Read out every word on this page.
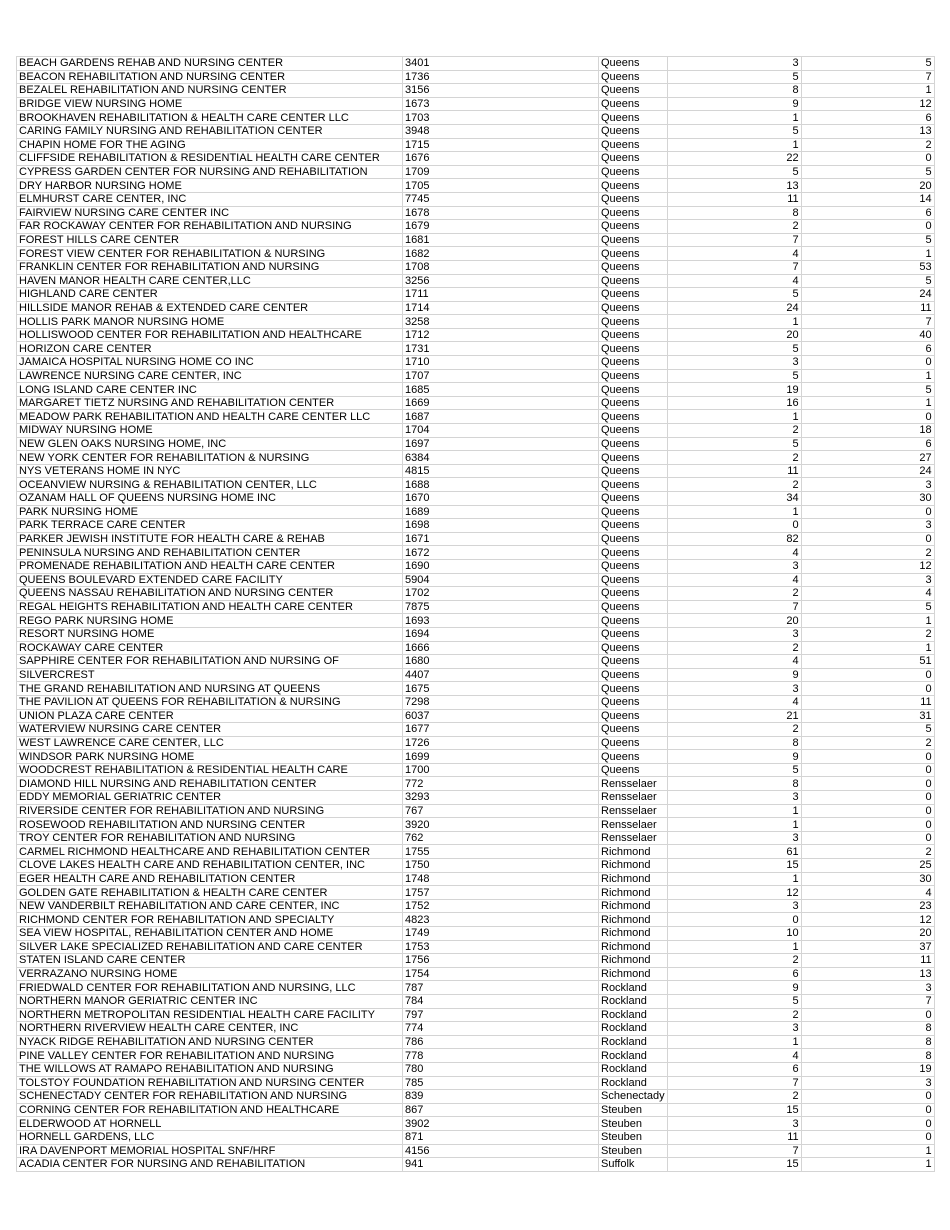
BEACH GARDENS REHAB AND NURSING CENTER	3401	Queens	3	5
BEACON REHABILITATION AND NURSING CENTER	1736	Queens	5	7
BEZALEL REHABILITATION AND NURSING CENTER	3156	Queens	8	1
BRIDGE VIEW NURSING HOME	1673	Queens	9	12
BROOKHAVEN REHABILITATION & HEALTH CARE CENTER LLC	1703	Queens	1	6
CARING FAMILY NURSING AND REHABILITATION CENTER	3948	Queens	5	13
CHAPIN HOME FOR THE AGING	1715	Queens	1	2
CLIFFSIDE REHABILITATION & RESIDENTIAL HEALTH CARE CENTER	1676	Queens	22	0
CYPRESS GARDEN CENTER FOR NURSING AND REHABILITATION	1709	Queens	5	5
DRY HARBOR NURSING HOME	1705	Queens	13	20
ELMHURST CARE CENTER, INC	7745	Queens	11	14
FAIRVIEW NURSING CARE CENTER INC	1678	Queens	8	6
FAR ROCKAWAY CENTER FOR REHABILITATION AND NURSING	1679	Queens	2	0
FOREST HILLS CARE CENTER	1681	Queens	7	5
FOREST VIEW CENTER FOR REHABILITATION & NURSING	1682	Queens	4	1
FRANKLIN CENTER FOR REHABILITATION AND NURSING	1708	Queens	7	53
HAVEN MANOR HEALTH CARE CENTER,LLC	3256	Queens	4	5
HIGHLAND CARE CENTER	1711	Queens	5	24
HILLSIDE MANOR REHAB & EXTENDED CARE CENTER	1714	Queens	24	11
HOLLIS PARK MANOR NURSING HOME	3258	Queens	1	7
HOLLISWOOD CENTER FOR REHABILITATION AND HEALTHCARE	1712	Queens	20	40
HORIZON CARE CENTER	1731	Queens	5	6
JAMAICA HOSPITAL NURSING HOME CO INC	1710	Queens	3	0
LAWRENCE NURSING CARE CENTER, INC	1707	Queens	5	1
LONG ISLAND CARE CENTER INC	1685	Queens	19	5
MARGARET TIETZ NURSING AND REHABILITATION CENTER	1669	Queens	16	1
MEADOW PARK REHABILITATION AND HEALTH CARE CENTER LLC	1687	Queens	1	0
MIDWAY NURSING HOME	1704	Queens	2	18
NEW GLEN OAKS NURSING HOME, INC	1697	Queens	5	6
NEW YORK CENTER FOR REHABILITATION & NURSING	6384	Queens	2	27
NYS VETERANS HOME IN NYC	4815	Queens	11	24
OCEANVIEW NURSING & REHABILITATION CENTER, LLC	1688	Queens	2	3
OZANAM HALL OF QUEENS NURSING HOME INC	1670	Queens	34	30
PARK NURSING HOME	1689	Queens	1	0
PARK TERRACE CARE CENTER	1698	Queens	0	3
PARKER JEWISH INSTITUTE FOR HEALTH CARE & REHAB	1671	Queens	82	0
PENINSULA NURSING AND REHABILITATION CENTER	1672	Queens	4	2
PROMENADE REHABILITATION AND HEALTH CARE CENTER	1690	Queens	3	12
QUEENS BOULEVARD EXTENDED CARE FACILITY	5904	Queens	4	3
QUEENS NASSAU REHABILITATION AND NURSING CENTER	1702	Queens	2	4
REGAL HEIGHTS REHABILITATION AND HEALTH CARE CENTER	7875	Queens	7	5
REGO PARK NURSING HOME	1693	Queens	20	1
RESORT NURSING HOME	1694	Queens	3	2
ROCKAWAY CARE CENTER	1666	Queens	2	1
SAPPHIRE CENTER FOR REHABILITATION AND NURSING OF	1680	Queens	4	51
SILVERCREST	4407	Queens	9	0
THE GRAND REHABILITATION AND NURSING AT QUEENS	1675	Queens	3	0
THE PAVILION AT QUEENS FOR REHABILITATION & NURSING	7298	Queens	4	11
UNION PLAZA CARE CENTER	6037	Queens	21	31
WATERVIEW NURSING CARE CENTER	1677	Queens	2	5
WEST LAWRENCE CARE CENTER, LLC	1726	Queens	8	2
WINDSOR PARK NURSING HOME	1699	Queens	9	0
WOODCREST REHABILITATION & RESIDENTIAL HEALTH CARE	1700	Queens	5	0
DIAMOND HILL NURSING AND REHABILITATION CENTER	772	Rensselaer	8	0
EDDY MEMORIAL GERIATRIC CENTER	3293	Rensselaer	3	0
RIVERSIDE CENTER FOR REHABILITATION AND NURSING	767	Rensselaer	1	0
ROSEWOOD REHABILITATION AND NURSING CENTER	3920	Rensselaer	1	0
TROY CENTER FOR REHABILITATION AND NURSING	762	Rensselaer	3	0
CARMEL RICHMOND HEALTHCARE AND REHABILITATION CENTER	1755	Richmond	61	2
CLOVE LAKES HEALTH CARE AND REHABILITATION CENTER, INC	1750	Richmond	15	25
EGER HEALTH CARE AND REHABILITATION CENTER	1748	Richmond	1	30
GOLDEN GATE REHABILITATION & HEALTH CARE CENTER	1757	Richmond	12	4
NEW VANDERBILT REHABILITATION AND CARE CENTER, INC	1752	Richmond	3	23
RICHMOND CENTER FOR REHABILITATION AND SPECIALTY	4823	Richmond	0	12
SEA VIEW HOSPITAL, REHABILITATION CENTER AND HOME	1749	Richmond	10	20
SILVER LAKE SPECIALIZED REHABILITATION AND CARE CENTER	1753	Richmond	1	37
STATEN ISLAND CARE CENTER	1756	Richmond	2	11
VERRAZANO NURSING HOME	1754	Richmond	6	13
FRIEDWALD CENTER FOR REHABILITATION AND NURSING, LLC	787	Rockland	9	3
NORTHERN MANOR GERIATRIC CENTER INC	784	Rockland	5	7
NORTHERN METROPOLITAN RESIDENTIAL HEALTH CARE FACILITY	797	Rockland	2	0
NORTHERN RIVERVIEW HEALTH CARE CENTER, INC	774	Rockland	3	8
NYACK RIDGE REHABILITATION AND NURSING CENTER	786	Rockland	1	8
PINE VALLEY CENTER FOR REHABILITATION AND NURSING	778	Rockland	4	8
THE WILLOWS AT RAMAPO REHABILITATION AND NURSING	780	Rockland	6	19
TOLSTOY FOUNDATION REHABILITATION AND NURSING CENTER	785	Rockland	7	3
SCHENECTADY CENTER FOR REHABILITATION AND NURSING	839	Schenectady	2	0
CORNING CENTER FOR REHABILITATION AND HEALTHCARE	867	Steuben	15	0
ELDERWOOD AT HORNELL	3902	Steuben	3	0
HORNELL GARDENS, LLC	871	Steuben	11	0
IRA DAVENPORT MEMORIAL HOSPITAL SNF/HRF	4156	Steuben	7	1
ACADIA CENTER FOR NURSING AND REHABILITATION	941	Suffolk	15	1
